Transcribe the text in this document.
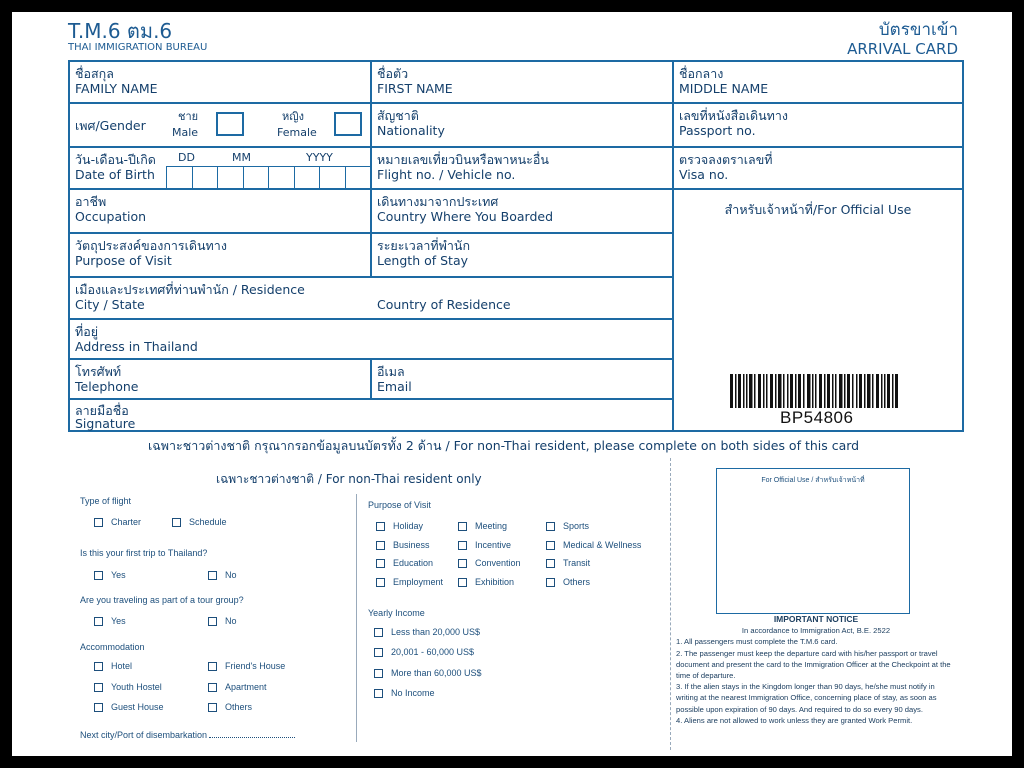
T.M.6 ตม.6
THAI IMMIGRATION BUREAU
บัตรขาเข้า
ARRIVAL CARD
ชื่อสกุล
FAMILY NAME
ชื่อตัว
FIRST NAME
ชื่อกลาง
MIDDLE NAME
เพศ/Gender
ชาย
Male
หญิง
Female
สัญชาติ
Nationality
เลขที่หนังสือเดินทาง
Passport no.
วัน-เดือน-ปีเกิด
Date of Birth
DD	MM	YYYY	หมายเลขเที่ยวบินหรือพาหนะอื่น
Flight no. / Vehicle no.
ตรวจลงตราเลขที่
Visa no.
อาชีพ
Occupation
เดินทางมาจากประเทศ
Country Where You Boarded	สำหรับเจ้าหน้าที่/For Official Use
BP54806
วัตถุประสงค์ของการเดินทาง
Purpose of Visit
ระยะเวลาที่พำนัก
Length of Stay
เมืองและประเทศที่ท่านพำนัก / Residence
City / State	Country of Residence
ที่อยู่
Address in Thailand
โทรศัพท์
Telephone
อีเมล
Email
ลายมือชื่อ
Signature
เฉพาะชาวต่างชาติ กรุณากรอกข้อมูลบนบัตรทั้ง 2 ด้าน / For non-Thai resident, please complete on both sides of this card
เฉพาะชาวต่างชาติ / For non-Thai resident only
Type of flight
Charter	Schedule
Is this your first trip to Thailand?
Yes	No
Are you traveling as part of a tour group?
Yes	No
Accommodation
Hotel	Friend's House
Youth Hostel	Apartment
Guest House	Others
Next city/Port of disembarkation
Purpose of Visit
Holiday	Meeting	Sports
Business	Incentive	Medical & Wellness
Education	Convention	Transit
Employment	Exhibition	Others
Yearly Income
Less than 20,000 US$
20,001 - 60,000 US$
More than 60,000 US$
No Income
For Official Use / สำหรับเจ้าหน้าที่
IMPORTANT NOTICE
In accordance to Immigration Act, B.E. 2522
1. All passengers must complete the T.M.6 card.
2. The passenger must keep the departure card with his/her passport or travel document and present the card to the Immigration Officer at the Checkpoint at the time of departure.
3. If the alien stays in the Kingdom longer than 90 days, he/she must notify in writing at the nearest Immigration Office, concerning place of stay, as soon as possible upon expiration of 90 days. And required to do so every 90 days.
4. Aliens are not allowed to work unless they are granted Work Permit.
